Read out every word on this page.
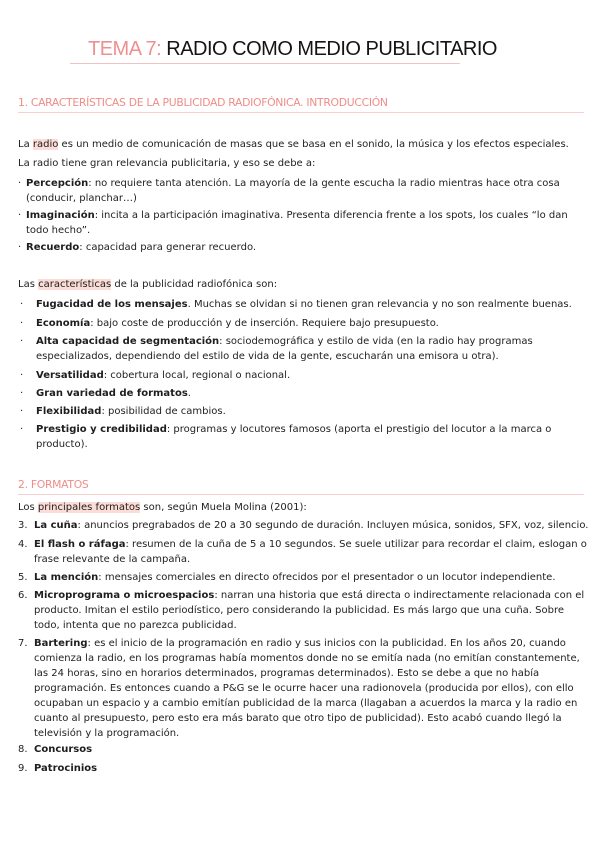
TEMA 7: RADIO COMO MEDIO PUBLICITARIO
1. CARACTERÍSTICAS DE LA PUBLICIDAD RADIOFÓNICA. INTRODUCCIÓN
La radio es un medio de comunicación de masas que se basa en el sonido, la música y los efectos especiales.
La radio tiene gran relevancia publicitaria, y eso se debe a:
· Percepción: no requiere tanta atención. La mayoría de la gente escucha la radio mientras hace otra cosa (conducir, planchar…)
· Imaginación: incita a la participación imaginativa. Presenta diferencia frente a los spots, los cuales “lo dan todo hecho”.
· Recuerdo: capacidad para generar recuerdo.
Las características de la publicidad radiofónica son:
· Fugacidad de los mensajes. Muchas se olvidan si no tienen gran relevancia y no son realmente buenas.
· Economía: bajo coste de producción y de inserción. Requiere bajo presupuesto.
· Alta capacidad de segmentación: sociodemográfica y estilo de vida (en la radio hay programas especializados, dependiendo del estilo de vida de la gente, escucharán una emisora u otra).
· Versatilidad: cobertura local, regional o nacional.
· Gran variedad de formatos.
· Flexibilidad: posibilidad de cambios.
· Prestigio y credibilidad: programas y locutores famosos (aporta el prestigio del locutor a la marca o producto).
2. FORMATOS
Los principales formatos son, según Muela Molina (2001):
3. La cuña: anuncios pregrabados de 20 a 30 segundo de duración. Incluyen música, sonidos, SFX, voz, silencio.
4. El flash o ráfaga: resumen de la cuña de 5 a 10 segundos. Se suele utilizar para recordar el claim, eslogan o frase relevante de la campaña.
5. La mención: mensajes comerciales en directo ofrecidos por el presentador o un locutor independiente.
6. Microprograma o microespacios: narran una historia que está directa o indirectamente relacionada con el producto. Imitan el estilo periodístico, pero considerando la publicidad. Es más largo que una cuña. Sobre todo, intenta que no parezca publicidad.
7. Bartering: es el inicio de la programación en radio y sus inicios con la publicidad. En los años 20, cuando comienza la radio, en los programas había momentos donde no se emitía nada (no emitían constantemente, las 24 horas, sino en horarios determinados, programas determinados). Esto se debe a que no había programación. Es entonces cuando a P&G se le ocurre hacer una radionovela (producida por ellos), con ello ocupaban un espacio y a cambio emitían publicidad de la marca (llagaban a acuerdos la marca y la radio en cuanto al presupuesto, pero esto era más barato que otro tipo de publicidad). Esto acabó cuando llegó la televisión y la programación.
8. Concursos
9. Patrocinios
